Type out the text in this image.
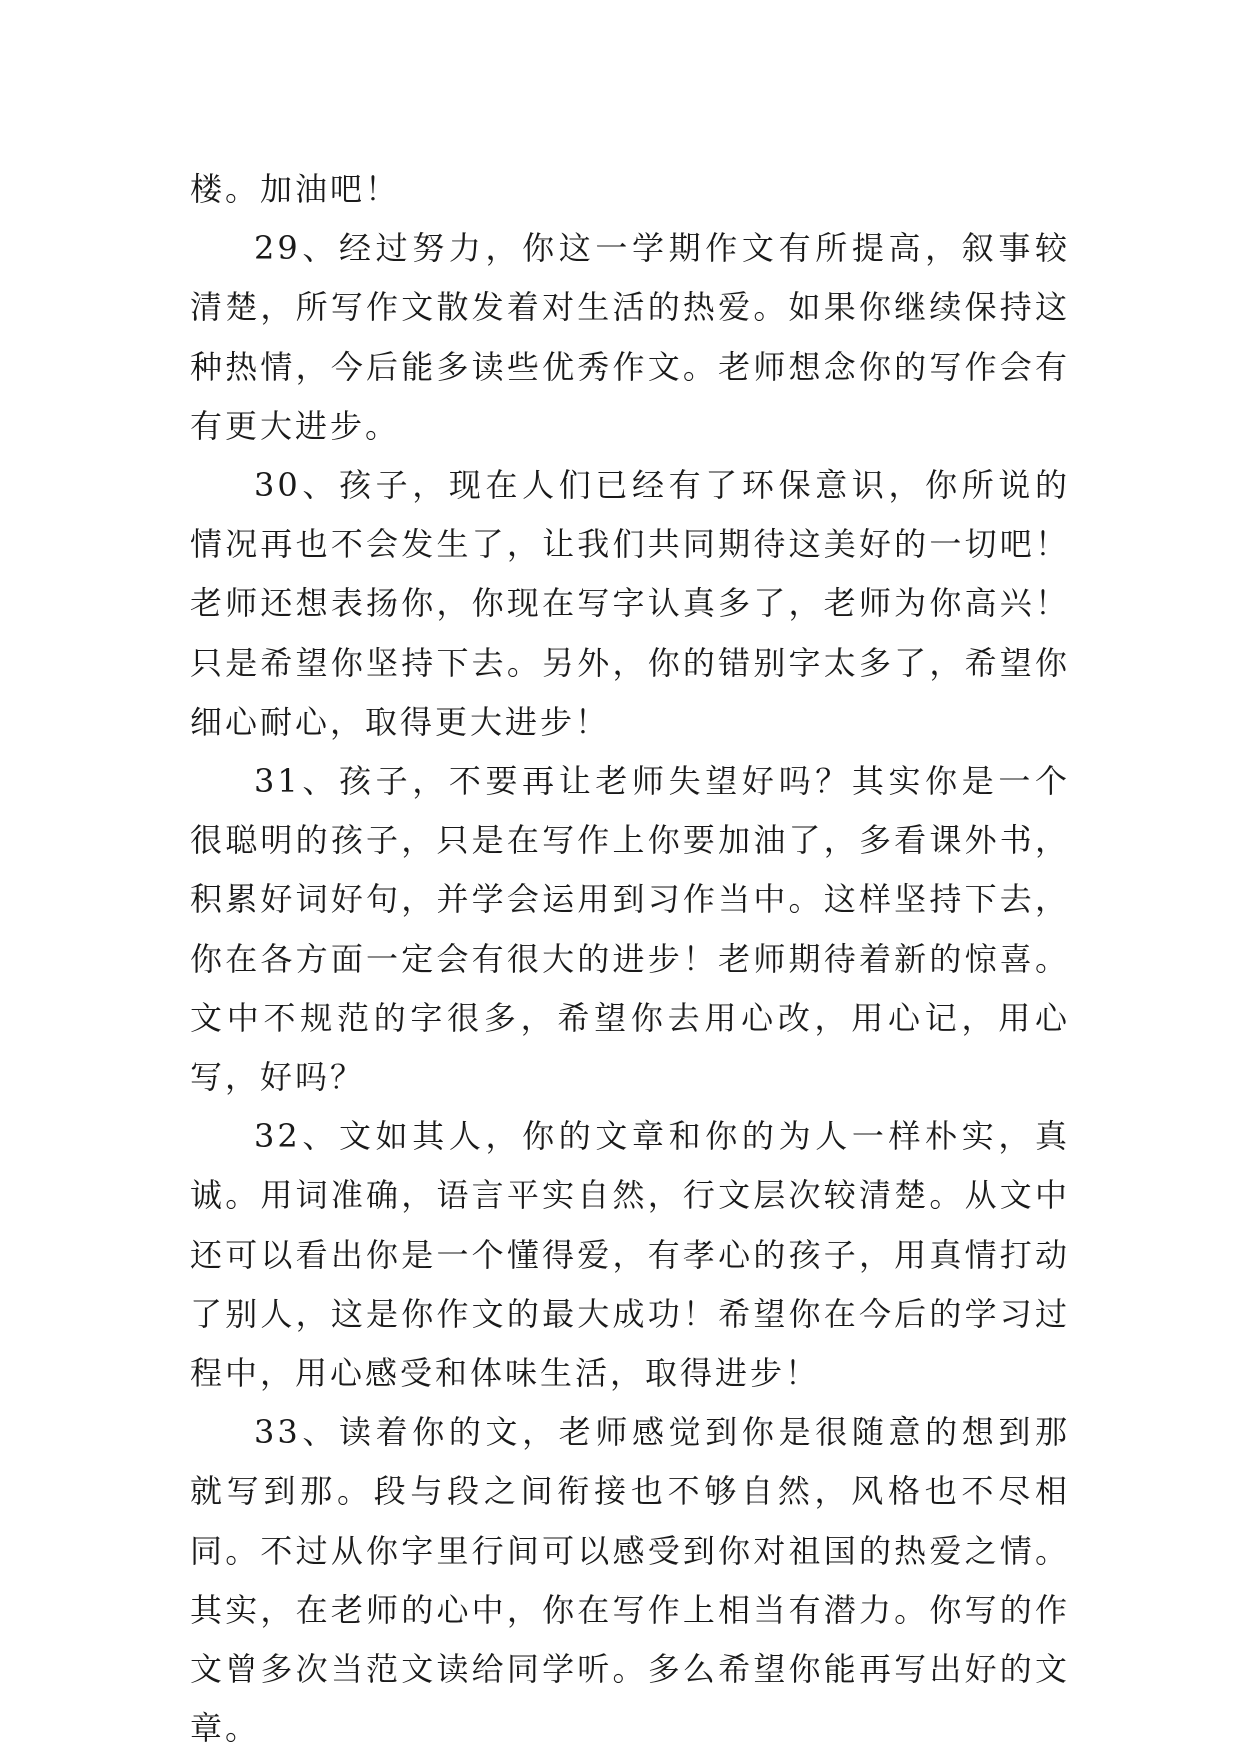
楼。加油吧！

29、经过努力，你这一学期作文有所提高，叙事较清楚，所写作文散发着对生活的热爱。如果你继续保持这种热情，今后能多读些优秀作文。老师想念你的写作会有有更大进步。

30、孩子，现在人们已经有了环保意识，你所说的情况再也不会发生了，让我们共同期待这美好的一切吧！老师还想表扬你，你现在写字认真多了，老师为你高兴！只是希望你坚持下去。另外，你的错别字太多了，希望你细心耐心，取得更大进步！

31、孩子，不要再让老师失望好吗？其实你是一个很聪明的孩子，只是在写作上你要加油了，多看课外书，积累好词好句，并学会运用到习作当中。这样坚持下去，你在各方面一定会有很大的进步！老师期待着新的惊喜。文中不规范的字很多，希望你去用心改，用心记，用心写，好吗？

32、文如其人，你的文章和你的为人一样朴实，真诚。用词准确，语言平实自然，行文层次较清楚。从文中还可以看出你是一个懂得爱，有孝心的孩子，用真情打动了别人，这是你作文的最大成功！希望你在今后的学习过程中，用心感受和体味生活，取得进步！

33、读着你的文，老师感觉到你是很随意的想到那就写到那。段与段之间衔接也不够自然，风格也不尽相同。不过从你字里行间可以感受到你对祖国的热爱之情。其实，在老师的心中，你在写作上相当有潜力。你写的作文曾多次当范文读给同学听。多么希望你能再写出好的文章。
